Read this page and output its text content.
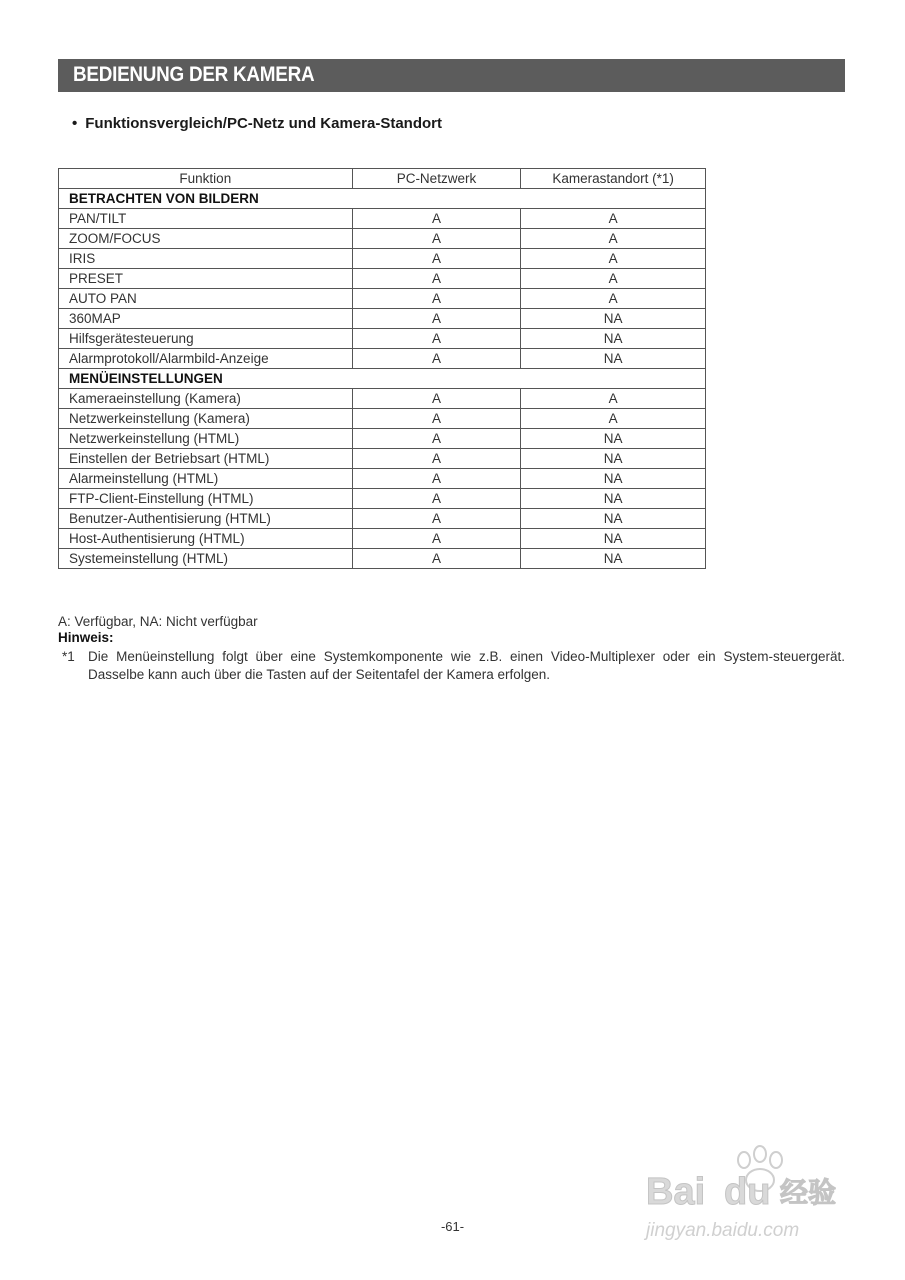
BEDIENUNG DER KAMERA
• Funktionsvergleich/PC-Netz und Kamera-Standort
Funktion	PC-Netzwerk	Kamerastandort (*1)
BETRACHTEN VON BILDERN		
PAN/TILT	A	A
ZOOM/FOCUS	A	A
IRIS	A	A
PRESET	A	A
AUTO PAN	A	A
360MAP	A	NA
Hilfsgerätesteuerung	A	NA
Alarmprotokoll/Alarmbild-Anzeige	A	NA
MENÜEINSTELLUNGEN		
Kameraeinstellung (Kamera)	A	A
Netzwerkeinstellung (Kamera)	A	A
Netzwerkeinstellung (HTML)	A	NA
Einstellen der Betriebsart (HTML)	A	NA
Alarmeinstellung (HTML)	A	NA
FTP-Client-Einstellung (HTML)	A	NA
Benutzer-Authentisierung (HTML)	A	NA
Host-Authentisierung (HTML)	A	NA
Systemeinstellung (HTML)	A	NA
A: Verfügbar, NA: Nicht verfügbar
Hinweis:
*1 Die Menüeinstellung folgt über eine Systemkomponente wie z.B. einen Video-Multiplexer oder ein System-steuergerät. Dasselbe kann auch über die Tasten auf der Seitentafel der Kamera erfolgen.
-61-
Bai du 经验
jingyan.baidu.com
